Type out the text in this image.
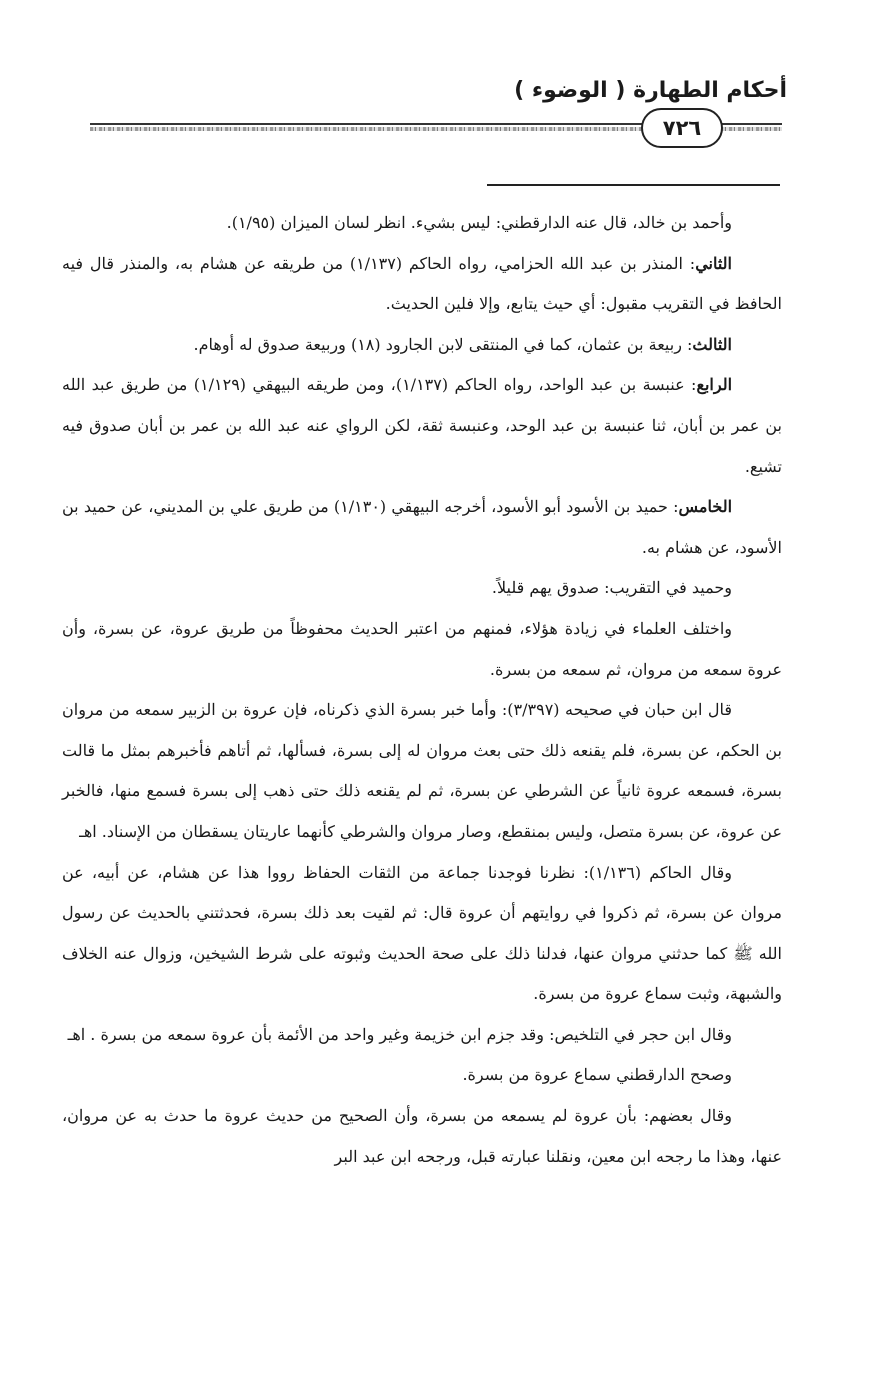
أحكام الطهارة ( الوضوء )
٧٢٦

وأحمد بن خالد، قال عنه الدارقطني: ليس بشيء. انظر لسان الميزان (١/٩٥).

الثاني: المنذر بن عبد الله الحزامي، رواه الحاكم (١/١٣٧) من طريقه عن هشام به، والمنذر قال فيه الحافظ في التقريب مقبول: أي حيث يتابع، وإلا فلين الحديث.

الثالث: ربيعة بن عثمان، كما في المنتقى لابن الجارود (١٨) وربيعة صدوق له أوهام.

الرابع: عنبسة بن عبد الواحد، رواه الحاكم (١/١٣٧)، ومن طريقه البيهقي (١/١٢٩) من طريق عبد الله بن عمر بن أبان، ثنا عنبسة بن عبد الوحد، وعنبسة ثقة، لكن الرواي عنه عبد الله بن عمر بن أبان صدوق فيه تشيع.

الخامس: حميد بن الأسود أبو الأسود، أخرجه البيهقي (١/١٣٠) من طريق علي بن المديني، عن حميد بن الأسود، عن هشام به.

وحميد في التقريب: صدوق يهم قليلاً.

واختلف العلماء في زيادة هؤلاء، فمنهم من اعتبر الحديث محفوظاً من طريق عروة، عن بسرة، وأن عروة سمعه من مروان، ثم سمعه من بسرة.

قال ابن حبان في صحيحه (٣/٣٩٧): وأما خبر بسرة الذي ذكرناه، فإن عروة بن الزبير سمعه من مروان بن الحكم، عن بسرة، فلم يقنعه ذلك حتى بعث مروان له إلى بسرة، فسألها، ثم أتاهم فأخبرهم بمثل ما قالت بسرة، فسمعه عروة ثانياً عن الشرطي عن بسرة، ثم لم يقنعه ذلك حتى ذهب إلى بسرة فسمع منها، فالخبر عن عروة، عن بسرة متصل، وليس بمنقطع، وصار مروان والشرطي كأنهما عاريتان يسقطان من الإسناد. اهـ

وقال الحاكم (١/١٣٦): نظرنا فوجدنا جماعة من الثقات الحفاظ رووا هذا عن هشام، عن أبيه، عن مروان عن بسرة، ثم ذكروا في روايتهم أن عروة قال: ثم لقيت بعد ذلك بسرة، فحدثتني بالحديث عن رسول الله ﷺ كما حدثني مروان عنها، فدلنا ذلك على صحة الحديث وثبوته على شرط الشيخين، وزوال عنه الخلاف والشبهة، وثبت سماع عروة من بسرة.

وقال ابن حجر في التلخيص: وقد جزم ابن خزيمة وغير واحد من الأئمة بأن عروة سمعه من بسرة . اهـ

وصحح الدارقطني سماع عروة من بسرة.

وقال بعضهم: بأن عروة لم يسمعه من بسرة، وأن الصحيح من حديث عروة ما حدث به عن مروان، عنها، وهذا ما رجحه ابن معين، ونقلنا عبارته قبل، ورجحه ابن عبد البر
